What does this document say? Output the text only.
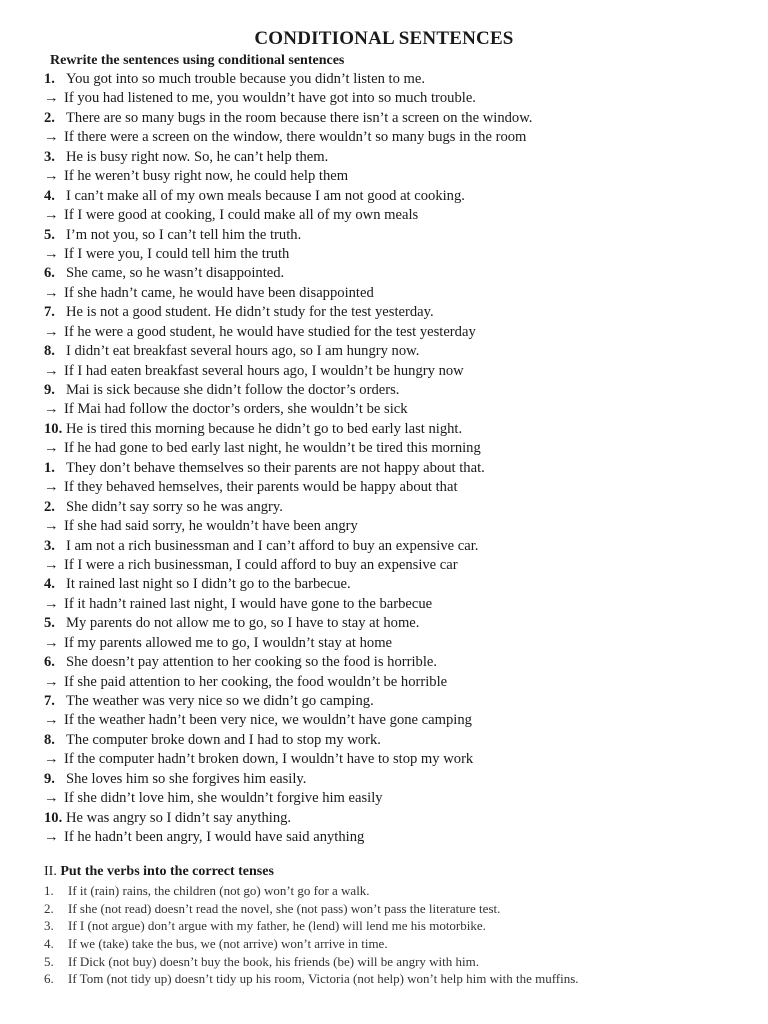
CONDITIONAL SENTENCES
Rewrite the sentences using conditional sentences
1. You got into so much trouble because you didn’t listen to me.
→ If you had listened to me, you wouldn’t have got into so much trouble.
2. There are so many bugs in the room because there isn’t a screen on the window.
→ If there were a screen on the window, there wouldn’t so many bugs in the room
3. He is busy right now. So, he can’t help them.
→ If he weren’t busy right now, he could help them
4. I can’t make all of my own meals because I am not good at cooking.
→ If I were good at cooking, I could make all of my own meals
5. I’m not you, so I can’t tell him the truth.
→ If I were you, I could tell him the truth
6. She came, so he wasn’t disappointed.
→ If she hadn’t came, he would have been disappointed
7. He is not a good student. He didn’t study for the test yesterday.
→ If he were a good student, he would have studied for the test yesterday
8. I didn’t eat breakfast several hours ago, so I am hungry now.
→ If I had eaten breakfast several hours ago, I wouldn’t be hungry now
9. Mai is sick because she didn’t follow the doctor’s orders.
→ If Mai had follow the doctor’s orders, she wouldn’t be sick
10. He is tired this morning because he didn’t go to bed early last night.
→ If he had gone to bed early last night, he wouldn’t be tired this morning
1. They don’t behave themselves so their parents are not happy about that.
→ If they behaved hemselves, their parents would be happy about that
2. She didn’t say sorry so he was angry.
→ If she had said sorry, he wouldn’t have been angry
3. I am not a rich businessman and I can’t afford to buy an expensive car.
→ If I were a rich businessman, I could afford to buy an expensive car
4. It rained last night so I didn’t go to the barbecue.
→ If it hadn’t rained last night, I would have gone to the barbecue
5. My parents do not allow me to go, so I have to stay at home.
→ If my parents allowed me to go, I wouldn’t stay at home
6. She doesn’t pay attention to her cooking so the food is horrible.
→ If she paid attention to her cooking, the food wouldn’t be horrible
7. The weather was very nice so we didn’t go camping.
→ If the weather hadn’t been very nice, we wouldn’t have gone camping
8. The computer broke down and I had to stop my work.
→ If the computer hadn’t broken down, I wouldn’t have to stop my work
9. She loves him so she forgives him easily.
→ If she didn’t love him, she wouldn’t forgive him easily
10. He was angry so I didn’t say anything.
→ If he hadn’t been angry, I would have said anything
II. Put the verbs into the correct tenses
1. If it (rain) rains, the children (not go) won’t go for a walk.
2. If she (not read) doesn’t read the novel, she (not pass) won’t pass the literature test.
3. If I (not argue) don’t argue with my father, he (lend) will lend me his motorbike.
4. If we (take) take the bus, we (not arrive) won’t arrive in time.
5. If Dick (not buy) doesn’t buy the book, his friends (be) will be angry with him.
6. If Tom (not tidy up) doesn’t tidy up his room, Victoria (not help) won’t help him with the muffins.
